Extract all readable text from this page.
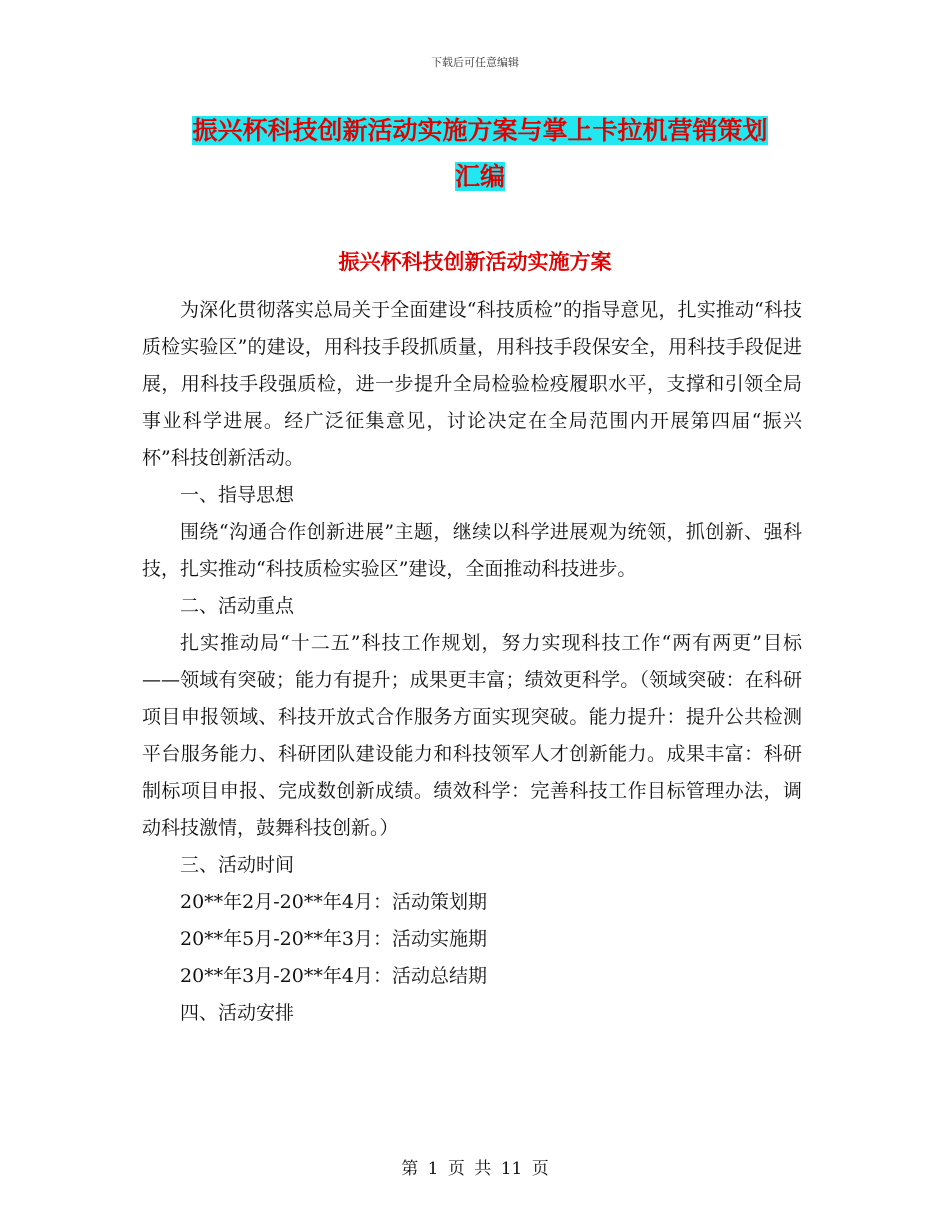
下载后可任意编辑
振兴杯科技创新活动实施方案与掌上卡拉机营销策划
汇编
振兴杯科技创新活动实施方案

为深化贯彻落实总局关于全面建设“科技质检”的指导意见，扎实推动“科技质检实验区”的建设，用科技手段抓质量，用科技手段保安全，用科技手段促进展，用科技手段强质检，进一步提升全局检验检疫履职水平，支撑和引领全局事业科学进展。经广泛征集意见，讨论决定在全局范围内开展第四届“振兴杯”科技创新活动。

一、指导思想

围绕“沟通合作创新进展”主题，继续以科学进展观为统领，抓创新、强科技，扎实推动“科技质检实验区”建设，全面推动科技进步。

二、活动重点

扎实推动局“十二五”科技工作规划，努力实现科技工作“两有两更”目标——领域有突破；能力有提升；成果更丰富；绩效更科学。（领域突破：在科研项目申报领域、科技开放式合作服务方面实现突破。能力提升：提升公共检测平台服务能力、科研团队建设能力和科技领军人才创新能力。成果丰富：科研制标项目申报、完成数创新成绩。绩效科学：完善科技工作目标管理办法，调动科技激情，鼓舞科技创新。）

三、活动时间

20**年2月-20**年4月：活动策划期

20**年5月-20**年3月：活动实施期

20**年3月-20**年4月：活动总结期

四、活动安排

第 1 页 共 11 页
